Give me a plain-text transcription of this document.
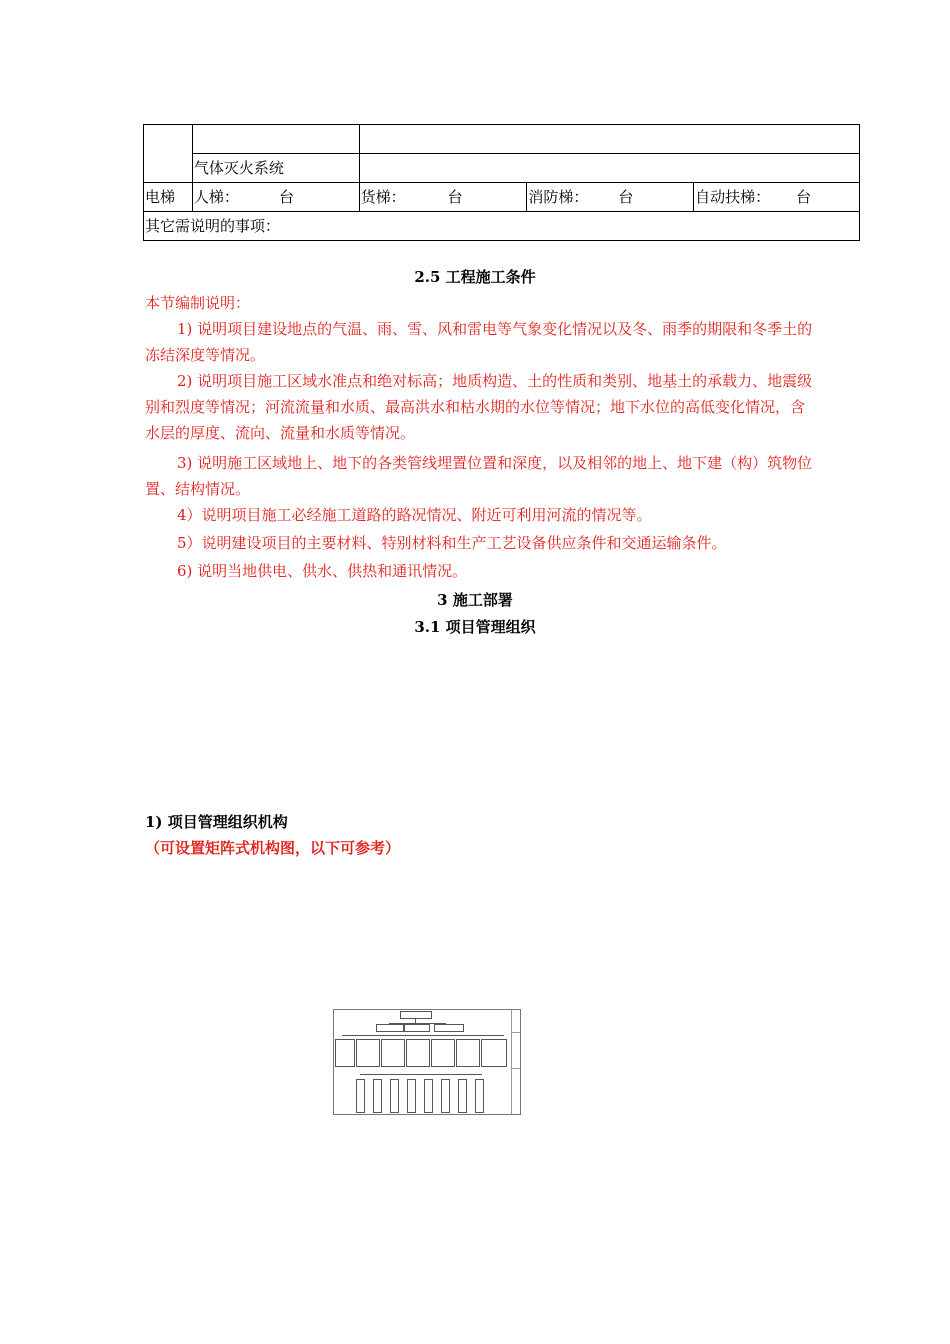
	气体灭火系统			
电梯	人梯： 台	货梯： 台	消防梯： 台	自动扶梯： 台
其它需说明的事项：				
2.5 工程施工条件
本节编制说明：
1) 说明项目建设地点的气温、雨、雪、风和雷电等气象变化情况以及冬、雨季的期限和冬季土的冻结深度等情况。
2) 说明项目施工区域水准点和绝对标高；地质构造、土的性质和类别、地基土的承载力、地震级别和烈度等情况；河流流量和水质、最高洪水和枯水期的水位等情况；地下水位的高低变化情况，含水层的厚度、流向、流量和水质等情况。
3) 说明施工区域地上、地下的各类管线埋置位置和深度，以及相邻的地上、地下建（构）筑物位置、结构情况。
4）说明项目施工必经施工道路的路况情况、附近可利用河流的情况等。
5）说明建设项目的主要材料、特别材料和生产工艺设备供应条件和交通运输条件。
6) 说明当地供电、供水、供热和通讯情况。
3 施工部署
3.1 项目管理组织
1) 项目管理组织机构
（可设置矩阵式机构图，以下可参考）
